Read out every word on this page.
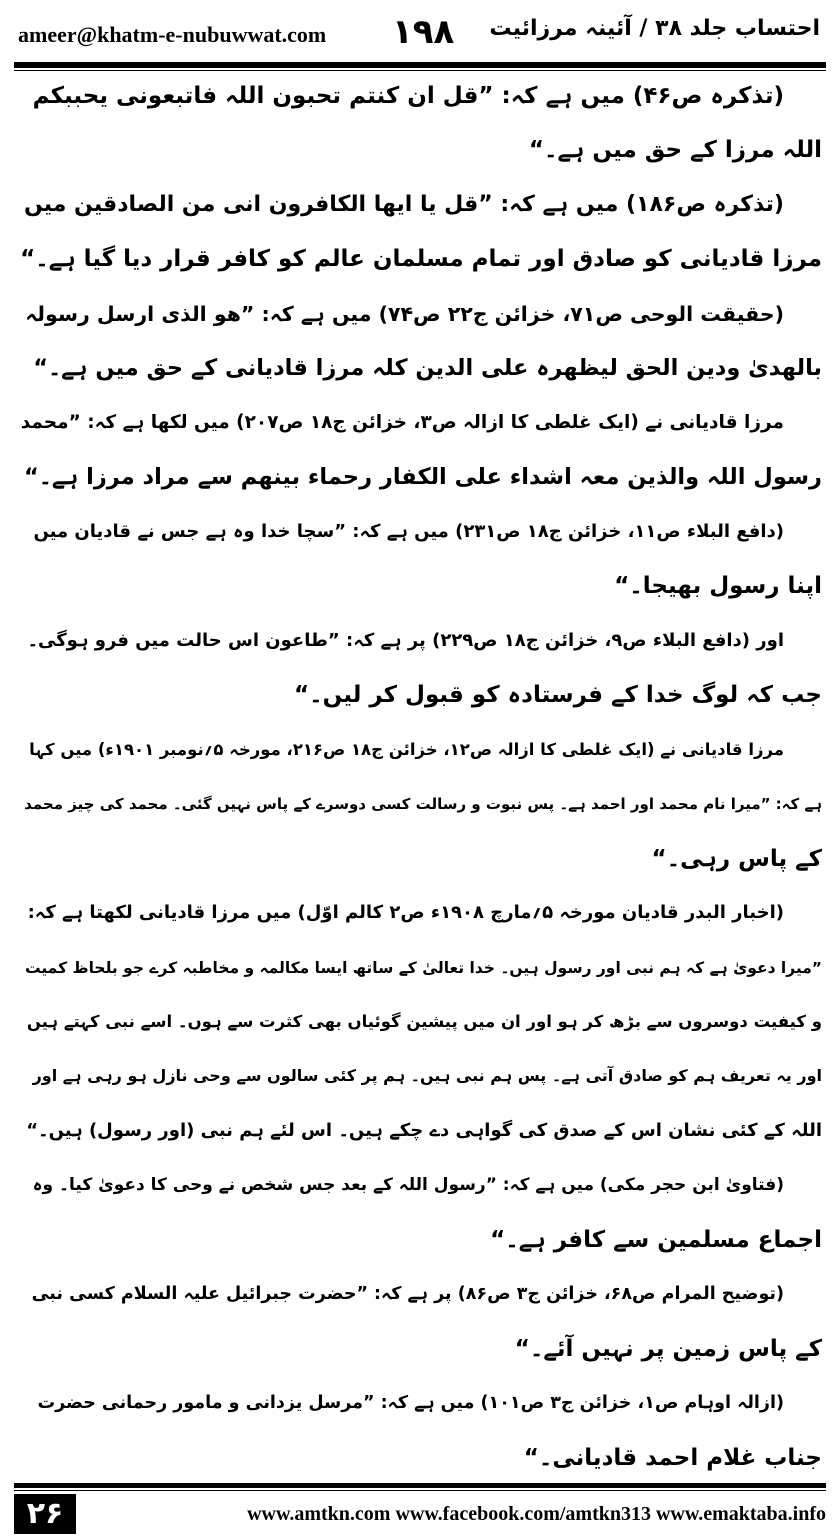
ameer@khatm-e-nubuwwat.com ۱۹۸ احتساب جلد ۳۸ / آئینہ مرزائیت
(تذکرہ ص۴۶) میں ہے کہ: ”قل ان کنتم تحبون اللہ فاتبعونی یحببکم
اللہ مرزا کے حق میں ہے۔“
(تذکرہ ص۱۸۶) میں ہے کہ: ”قل یا ایھا الکافرون انی من الصادقین میں
مرزا قادیانی کو صادق اور تمام مسلمان عالم کو کافر قرار دیا گیا ہے۔“
(حقیقت الوحی ص۷۱، خزائن ج۲۲ ص۷۴) میں ہے کہ: ”ھو الذی ارسل رسولہ
بالھدیٰ ودین الحق لیظھرہ علی الدین کلہ مرزا قادیانی کے حق میں ہے۔“
مرزا قادیانی نے (ایک غلطی کا ازالہ ص۳، خزائن ج۱۸ ص۲۰۷) میں لکھا ہے کہ: ”محمد
رسول اللہ والذین معہ اشداء علی الکفار رحماء بینھم سے مراد مرزا ہے۔“
(دافع البلاء ص۱۱، خزائن ج۱۸ ص۲۳۱) میں ہے کہ: ”سچا خدا وہ ہے جس نے قادیان میں
اپنا رسول بھیجا۔“
اور (دافع البلاء ص۹، خزائن ج۱۸ ص۲۲۹) پر ہے کہ: ”طاعون اس حالت میں فرو ہوگی۔
جب کہ لوگ خدا کے فرستادہ کو قبول کر لیں۔“
مرزا قادیانی نے (ایک غلطی کا ازالہ ص۱۲، خزائن ج۱۸ ص۲۱۶، مورخہ ۵؍نومبر ۱۹۰۱ء) میں کہا
ہے کہ: ”میرا نام محمد اور احمد ہے۔ پس نبوت و رسالت کسی دوسرے کے پاس نہیں گئی۔ محمد کی چیز محمد
کے پاس رہی۔“
(اخبار البدر قادیان مورخہ ۵؍مارچ ۱۹۰۸ء ص۲ کالم اوّل) میں مرزا قادیانی لکھتا ہے کہ:
”میرا دعویٰ ہے کہ ہم نبی اور رسول ہیں۔ خدا تعالیٰ کے ساتھ ایسا مکالمہ و مخاطبہ کرے جو بلحاظ کمیت
و کیفیت دوسروں سے بڑھ کر ہو اور ان میں پیشین گوئیاں بھی کثرت سے ہوں۔ اسے نبی کہتے ہیں
اور یہ تعریف ہم کو صادق آتی ہے۔ پس ہم نبی ہیں۔ ہم پر کئی سالوں سے وحی نازل ہو رہی ہے اور
اللہ کے کئی نشان اس کے صدق کی گواہی دے چکے ہیں۔ اس لئے ہم نبی (اور رسول) ہیں۔“
(فتاویٰ ابن حجر مکی) میں ہے کہ: ”رسول اللہ کے بعد جس شخص نے وحی کا دعویٰ کیا۔ وہ
اجماع مسلمین سے کافر ہے۔“
(توضیح المرام ص۶۸، خزائن ج۳ ص۸۶) پر ہے کہ: ”حضرت جبرائیل علیہ السلام کسی نبی
کے پاس زمین پر نہیں آئے۔“
(ازالہ اوہام ص۱، خزائن ج۳ ص۱۰۱) میں ہے کہ: ”مرسل یزدانی و مامور رحمانی حضرت
جناب غلام احمد قادیانی۔“
۲۶	www.amtkn.com www.facebook.com/amtkn313 www.emaktaba.info
